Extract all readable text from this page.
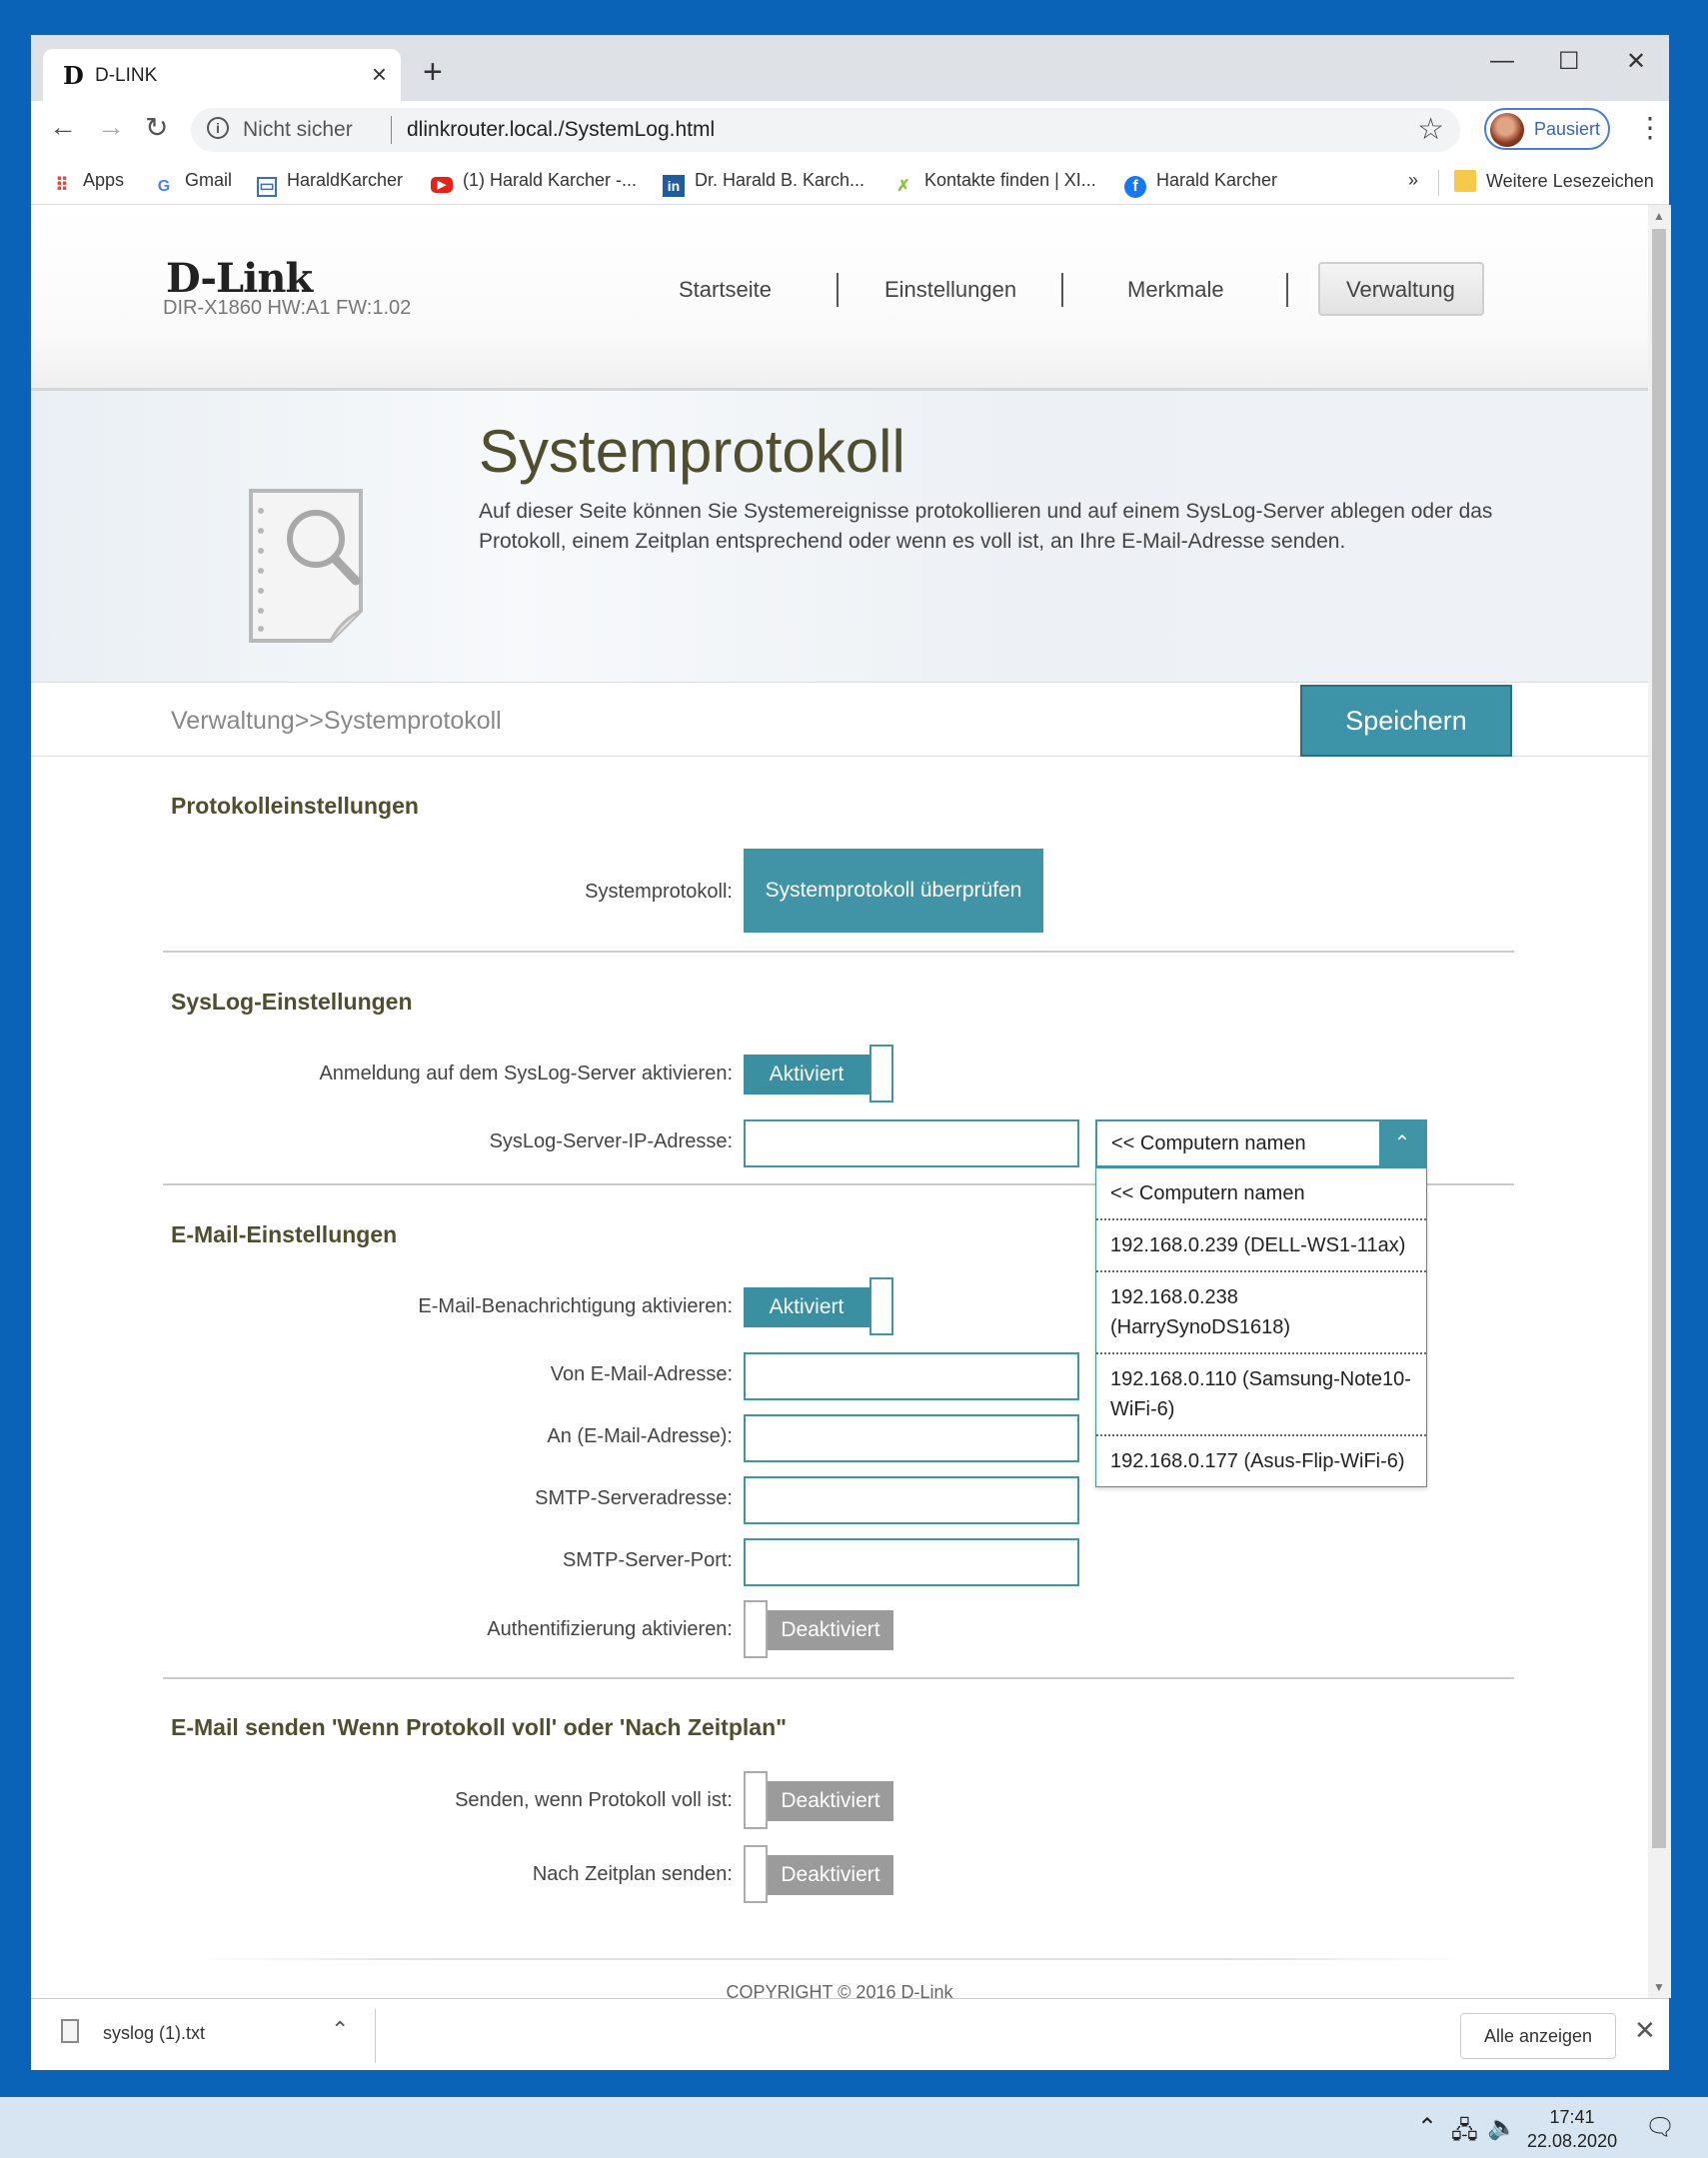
D D-LINK	× +	— ☐ ✕
← → ↻	i	Nicht sicher	dlinkrouter.local./SystemLog.html	☆	Pausiert ⋮
⠿ Apps G Gmail ▭ HaraldKarcher	▶ (1) Harald Karcher -...	in Dr. Harald B. Karch... ✗ Kontakte finden | XI...	f Harald Karcher	»	Weitere Lesezeichen
D-Link
DIR-X1860 HW:A1 FW:1.02
Startseite	Einstellungen	Merkmale	Verwaltung
Systemprotokoll
Auf dieser Seite können Sie Systemereignisse protokollieren und auf einem SysLog-Server ablegen oder das Protokoll, einem Zeitplan entsprechend oder wenn es voll ist, an Ihre E-Mail-Adresse senden.
Verwaltung>>Systemprotokoll	Speichern
Protokolleinstellungen
Systemprotokoll:	Systemprotokoll überprüfen
SysLog-Einstellungen
Anmeldung auf dem SysLog-Server aktivieren:	Aktiviert
SysLog-Server-IP-Adresse:
E-Mail-Einstellungen
E-Mail-Benachrichtigung aktivieren:	Aktiviert
Von E-Mail-Adresse:
An (E-Mail-Adresse):
SMTP-Serveradresse:
SMTP-Server-Port:
Authentifizierung aktivieren:	Deaktiviert
E-Mail senden 'Wenn Protokoll voll' oder 'Nach Zeitplan"
Senden, wenn Protokoll voll ist:	Deaktiviert
Nach Zeitplan senden:	Deaktiviert
COPYRIGHT © 2016 D-Link
<< Computern namen	⌃
<< Computern namen
192.168.0.239 (DELL-WS1-11ax)
192.168.0.238 (HarrySynoDS1618)
192.168.0.110 (Samsung-Note10-WiFi-6)
192.168.0.177 (Asus-Flip-WiFi-6)
▲
▼
syslog (1).txt	⌃	Alle anzeigen	✕
⌃ 🖧 🔈	17:41
22.08.2020 🗨
